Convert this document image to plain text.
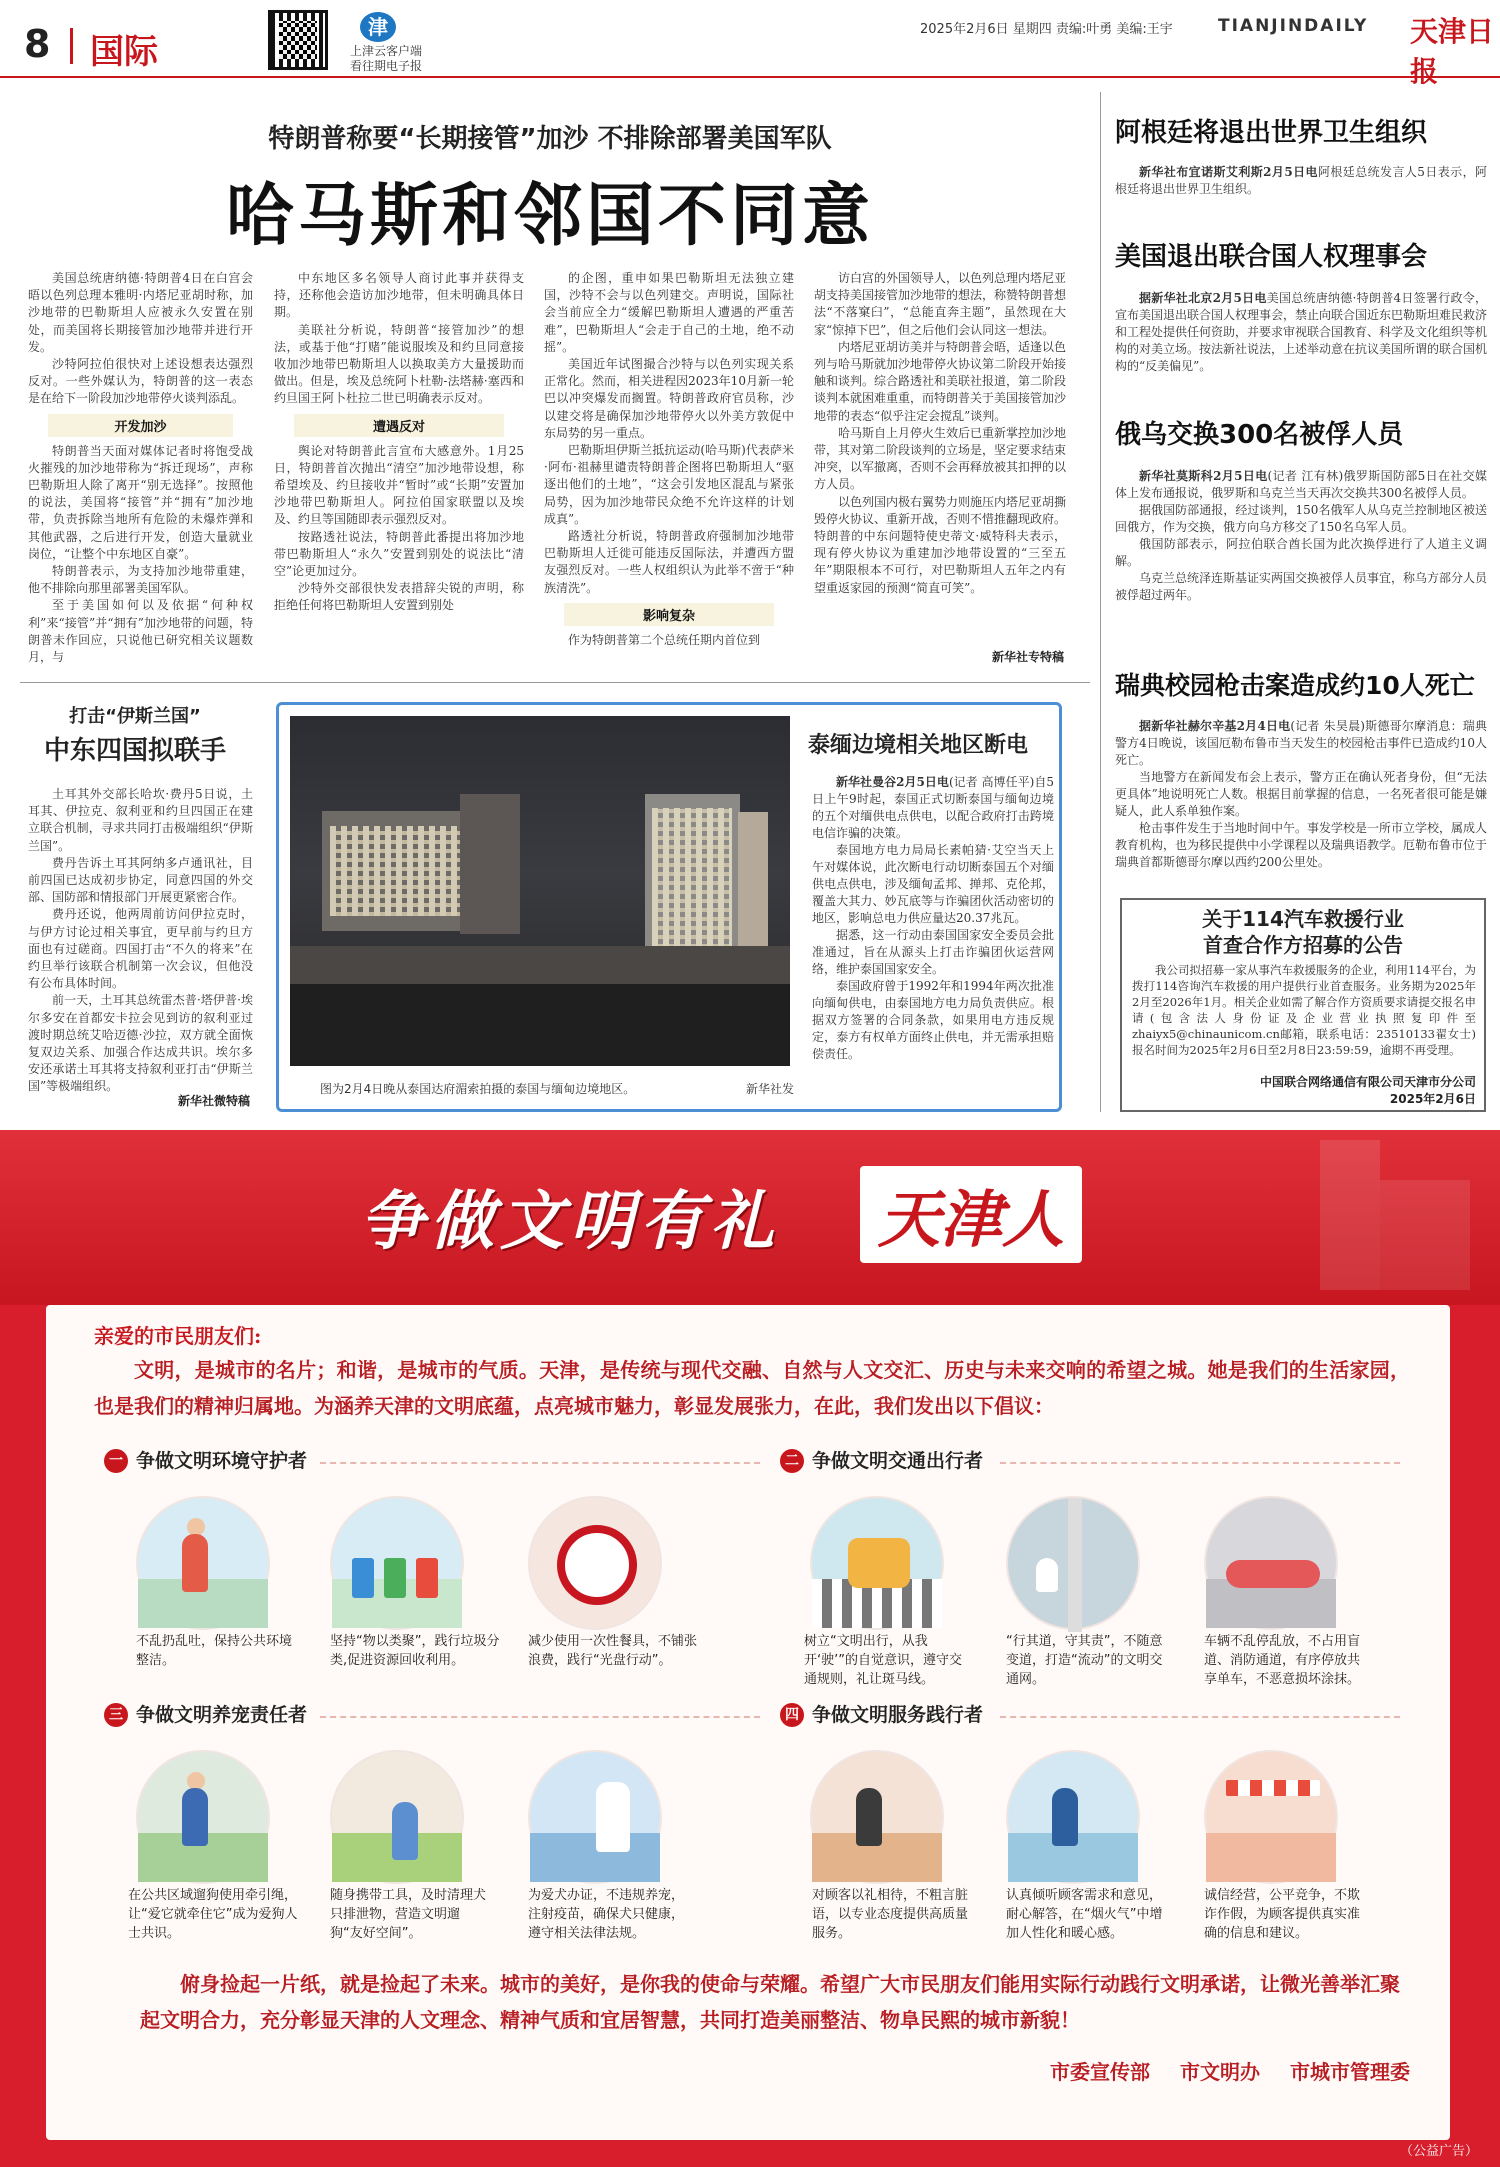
8 国际
津
上津云客户端
看往期电子报
2025年2月6日 星期四 责编:叶勇 美编:王宇	TIANJINDAILY 天津日报
特朗普称要“长期接管”加沙 不排除部署美国军队
哈马斯和邻国不同意

美国总统唐纳德·特朗普4日在白宫会晤以色列总理本雅明·内塔尼亚胡时称，加沙地带的巴勒斯坦人应被永久安置在别处，而美国将长期接管加沙地带并进行开发。

沙特阿拉伯很快对上述设想表达强烈反对。一些外媒认为，特朗普的这一表态是在给下一阶段加沙地带停火谈判添乱。

开发加沙

特朗普当天面对媒体记者时将饱受战火摧残的加沙地带称为“拆迁现场”，声称巴勒斯坦人除了离开“别无选择”。按照他的说法，美国将“接管”并“拥有”加沙地带，负责拆除当地所有危险的未爆炸弹和其他武器，之后进行开发，创造大量就业岗位，“让整个中东地区自豪”。

特朗普表示，为支持加沙地带重建，他不排除向那里部署美国军队。

至于美国如何以及依据“何种权利”来“接管”并“拥有”加沙地带的问题，特朗普未作回应，只说他已研究相关议题数月，与

中东地区多名领导人商讨此事并获得支持，还称他会造访加沙地带，但未明确具体日期。

美联社分析说，特朗普“接管加沙”的想法，或基于他“打赌”能说服埃及和约旦同意接收加沙地带巴勒斯坦人以换取美方大量援助而做出。但是，埃及总统阿卜杜勒-法塔赫·塞西和约旦国王阿卜杜拉二世已明确表示反对。

遭遇反对

舆论对特朗普此言宣布大感意外。1月25日，特朗普首次抛出“清空”加沙地带设想，称希望埃及、约旦接收并“暂时”或“长期”安置加沙地带巴勒斯坦人。阿拉伯国家联盟以及埃及、约旦等国随即表示强烈反对。

按路透社说法，特朗普此番提出将加沙地带巴勒斯坦人“永久”安置到别处的说法比“清空”论更加过分。

沙特外交部很快发表措辞尖锐的声明，称拒绝任何将巴勒斯坦人安置到别处

的企图，重申如果巴勒斯坦无法独立建国，沙特不会与以色列建交。声明说，国际社会当前应全力“缓解巴勒斯坦人遭遇的严重苦难”，巴勒斯坦人“会走于自己的土地，绝不动摇”。

美国近年试图撮合沙特与以色列实现关系正常化。然而，相关进程因2023年10月新一轮巴以冲突爆发而搁置。特朗普政府官员称，沙以建交将是确保加沙地带停火以外美方敦促中东局势的另一重点。

巴勒斯坦伊斯兰抵抗运动(哈马斯)代表萨米·阿布·祖赫里谴责特朗普企图将巴勒斯坦人“驱逐出他们的土地”，“这会引发地区混乱与紧张局势，因为加沙地带民众绝不允许这样的计划成真”。

路透社分析说，特朗普政府强制加沙地带巴勒斯坦人迁徙可能违反国际法，并遭西方盟友强烈反对。一些人权组织认为此举不啻于“种族清洗”。

影响复杂

作为特朗普第二个总统任期内首位到

访白宫的外国领导人，以色列总理内塔尼亚胡支持美国接管加沙地带的想法，称赞特朗普想法“不落窠臼”，“总能直奔主题”，虽然现在大家“惊掉下巴”，但之后他们会认同这一想法。

内塔尼亚胡访美并与特朗普会晤，适逢以色列与哈马斯就加沙地带停火协议第二阶段开始接触和谈判。综合路透社和美联社报道，第二阶段谈判本就困难重重，而特朗普关于美国接管加沙地带的表态“似乎注定会搅乱”谈判。

哈马斯自上月停火生效后已重新掌控加沙地带，其对第二阶段谈判的立场是，坚定要求结束冲突，以军撤离，否则不会再释放被其扣押的以方人员。

以色列国内极右翼势力则施压内塔尼亚胡撕毁停火协议、重新开战，否则不惜推翻现政府。特朗普的中东问题特使史蒂文·威特科夫表示，现有停火协议为重建加沙地带设置的“三至五年”期限根本不可行，对巴勒斯坦人五年之内有望重返家园的预测“简直可笑”。

新华社专特稿
打击“伊斯兰国”
中东四国拟联手

土耳其外交部长哈坎·费丹5日说，土耳其、伊拉克、叙利亚和约旦四国正在建立联合机制，寻求共同打击极端组织“伊斯兰国”。

费丹告诉土耳其阿纳多卢通讯社，目前四国已达成初步协定，同意四国的外交部、国防部和情报部门开展更紧密合作。

费丹还说，他两周前访问伊拉克时，与伊方讨论过相关事宜，更早前与约旦方面也有过磋商。四国打击“不久的将来”在约旦举行该联合机制第一次会议，但他没有公布具体时间。

前一天，土耳其总统雷杰普·塔伊普·埃尔多安在首都安卡拉会见到访的叙利亚过渡时期总统艾哈迈德·沙拉，双方就全面恢复双边关系、加强合作达成共识。埃尔多安还承诺土耳其将支持叙利亚打击“伊斯兰国”等极端组织。

新华社微特稿
图为2月4日晚从泰国达府湄索拍摄的泰国与缅甸边境地区。	新华社发
泰缅边境相关地区断电

新华社曼谷2月5日电(记者 高博任平)自5日上午9时起，泰国正式切断泰国与缅甸边境的五个对缅供电点供电，以配合政府打击跨境电信诈骗的决策。

泰国地方电力局局长素帕猜·艾空当天上午对媒体说，此次断电行动切断泰国五个对缅供电点供电，涉及缅甸孟邦、掸邦、克伦邦，覆盖大其力、妙瓦底等与诈骗团伙活动密切的地区，影响总电力供应量达20.37兆瓦。

据悉，这一行动由泰国国家安全委员会批准通过，旨在从源头上打击诈骗团伙运营网络，维护泰国国家安全。

泰国政府曾于1992年和1994年两次批准向缅甸供电，由泰国地方电力局负责供应。根据双方签署的合同条款，如果用电方违反规定，泰方有权单方面终止供电，并无需承担赔偿责任。

阿根廷将退出世界卫生组织

新华社布宜诺斯艾利斯2月5日电阿根廷总统发言人5日表示，阿根廷将退出世界卫生组织。

美国退出联合国人权理事会

据新华社北京2月5日电美国总统唐纳德·特朗普4日签署行政令，宣布美国退出联合国人权理事会，禁止向联合国近东巴勒斯坦难民救济和工程处提供任何资助，并要求审视联合国教育、科学及文化组织等机构的对美立场。按法新社说法，上述举动意在抗议美国所谓的联合国机构的“反美偏见”。

俄乌交换300名被俘人员

新华社莫斯科2月5日电(记者 江有林)俄罗斯国防部5日在社交媒体上发布通报说，俄罗斯和乌克兰当天再次交换共300名被俘人员。

据俄国防部通报，经过谈判，150名俄军人从乌克兰控制地区被送回俄方，作为交换，俄方向乌方移交了150名乌军人员。

俄国防部表示，阿拉伯联合酋长国为此次换俘进行了人道主义调解。

乌克兰总统泽连斯基证实两国交换被俘人员事宜，称乌方部分人员被俘超过两年。

瑞典校园枪击案造成约10人死亡

据新华社赫尔辛基2月4日电(记者 朱昊晨)斯德哥尔摩消息：瑞典警方4日晚说，该国厄勒布鲁市当天发生的校园枪击事件已造成约10人死亡。

当地警方在新闻发布会上表示，警方正在确认死者身份，但“无法更具体”地说明死亡人数。根据目前掌握的信息，一名死者很可能是嫌疑人，此人系单独作案。

枪击事件发生于当地时间中午。事发学校是一所市立学校，属成人教育机构，也为移民提供中小学课程以及瑞典语教学。厄勒布鲁市位于瑞典首都斯德哥尔摩以西约200公里处。

关于114汽车救援行业
首查合作方招募的公告

我公司拟招募一家从事汽车救援服务的企业，利用114平台，为拨打114咨询汽车救援的用户提供行业首查服务。业务期为2025年2月至2026年1月。相关企业如需了解合作方资质要求请提交报名申请(包含法人身份证及企业营业执照复印件至zhaiyx5@chinaunicom.cn邮箱，联系电话：23510133翟女士)报名时间为2025年2月6日至2月8日23:59:59，逾期不再受理。

中国联合网络通信有限公司天津市分公司
2025年2月6日
争做文明有礼 天津人
亲爱的市民朋友们:
文明，是城市的名片；和谐，是城市的气质。天津，是传统与现代交融、自然与人文交汇、历史与未来交响的希望之城。她是我们的生活家园，也是我们的精神归属地。为涵养天津的文明底蕴，点亮城市魅力，彰显发展张力，在此，我们发出以下倡议：
一 争做文明环境守护者	二 争做文明交通出行者
不乱扔乱吐，保持公共环境整洁。
坚持“物以类聚”，践行垃圾分类,促进资源回收利用。
减少使用一次性餐具，不铺张浪费，践行“光盘行动”。
树立“文明出行，从我开‘驶’”的自觉意识，遵守交通规则，礼让斑马线。
“行其道，守其责”，不随意变道，打造“流动”的文明交通网。
车辆不乱停乱放，不占用盲道、消防通道，有序停放共享单车，不恶意损坏涂抹。
三 争做文明养宠责任者	四 争做文明服务践行者
在公共区域遛狗使用牵引绳，让“爱它就牵住它”成为爱狗人士共识。
随身携带工具，及时清理犬只排泄物，营造文明遛狗“友好空间”。
为爱犬办证，不违规养宠，注射疫苗，确保犬只健康，遵守相关法律法规。
对顾客以礼相待，不粗言脏语，以专业态度提供高质量服务。
认真倾听顾客需求和意见，耐心解答，在“烟火气”中增加人性化和暖心感。
诚信经营，公平竞争，不欺诈作假，为顾客提供真实准确的信息和建议。
俯身捡起一片纸，就是捡起了未来。城市的美好，是你我的使命与荣耀。希望广大市民朋友们能用实际行动践行文明承诺，让微光善举汇聚起文明合力，充分彰显天津的人文理念、精神气质和宜居智慧，共同打造美丽整洁、物阜民熙的城市新貌！
市委宣传部 市文明办 市城市管理委
（公益广告）
